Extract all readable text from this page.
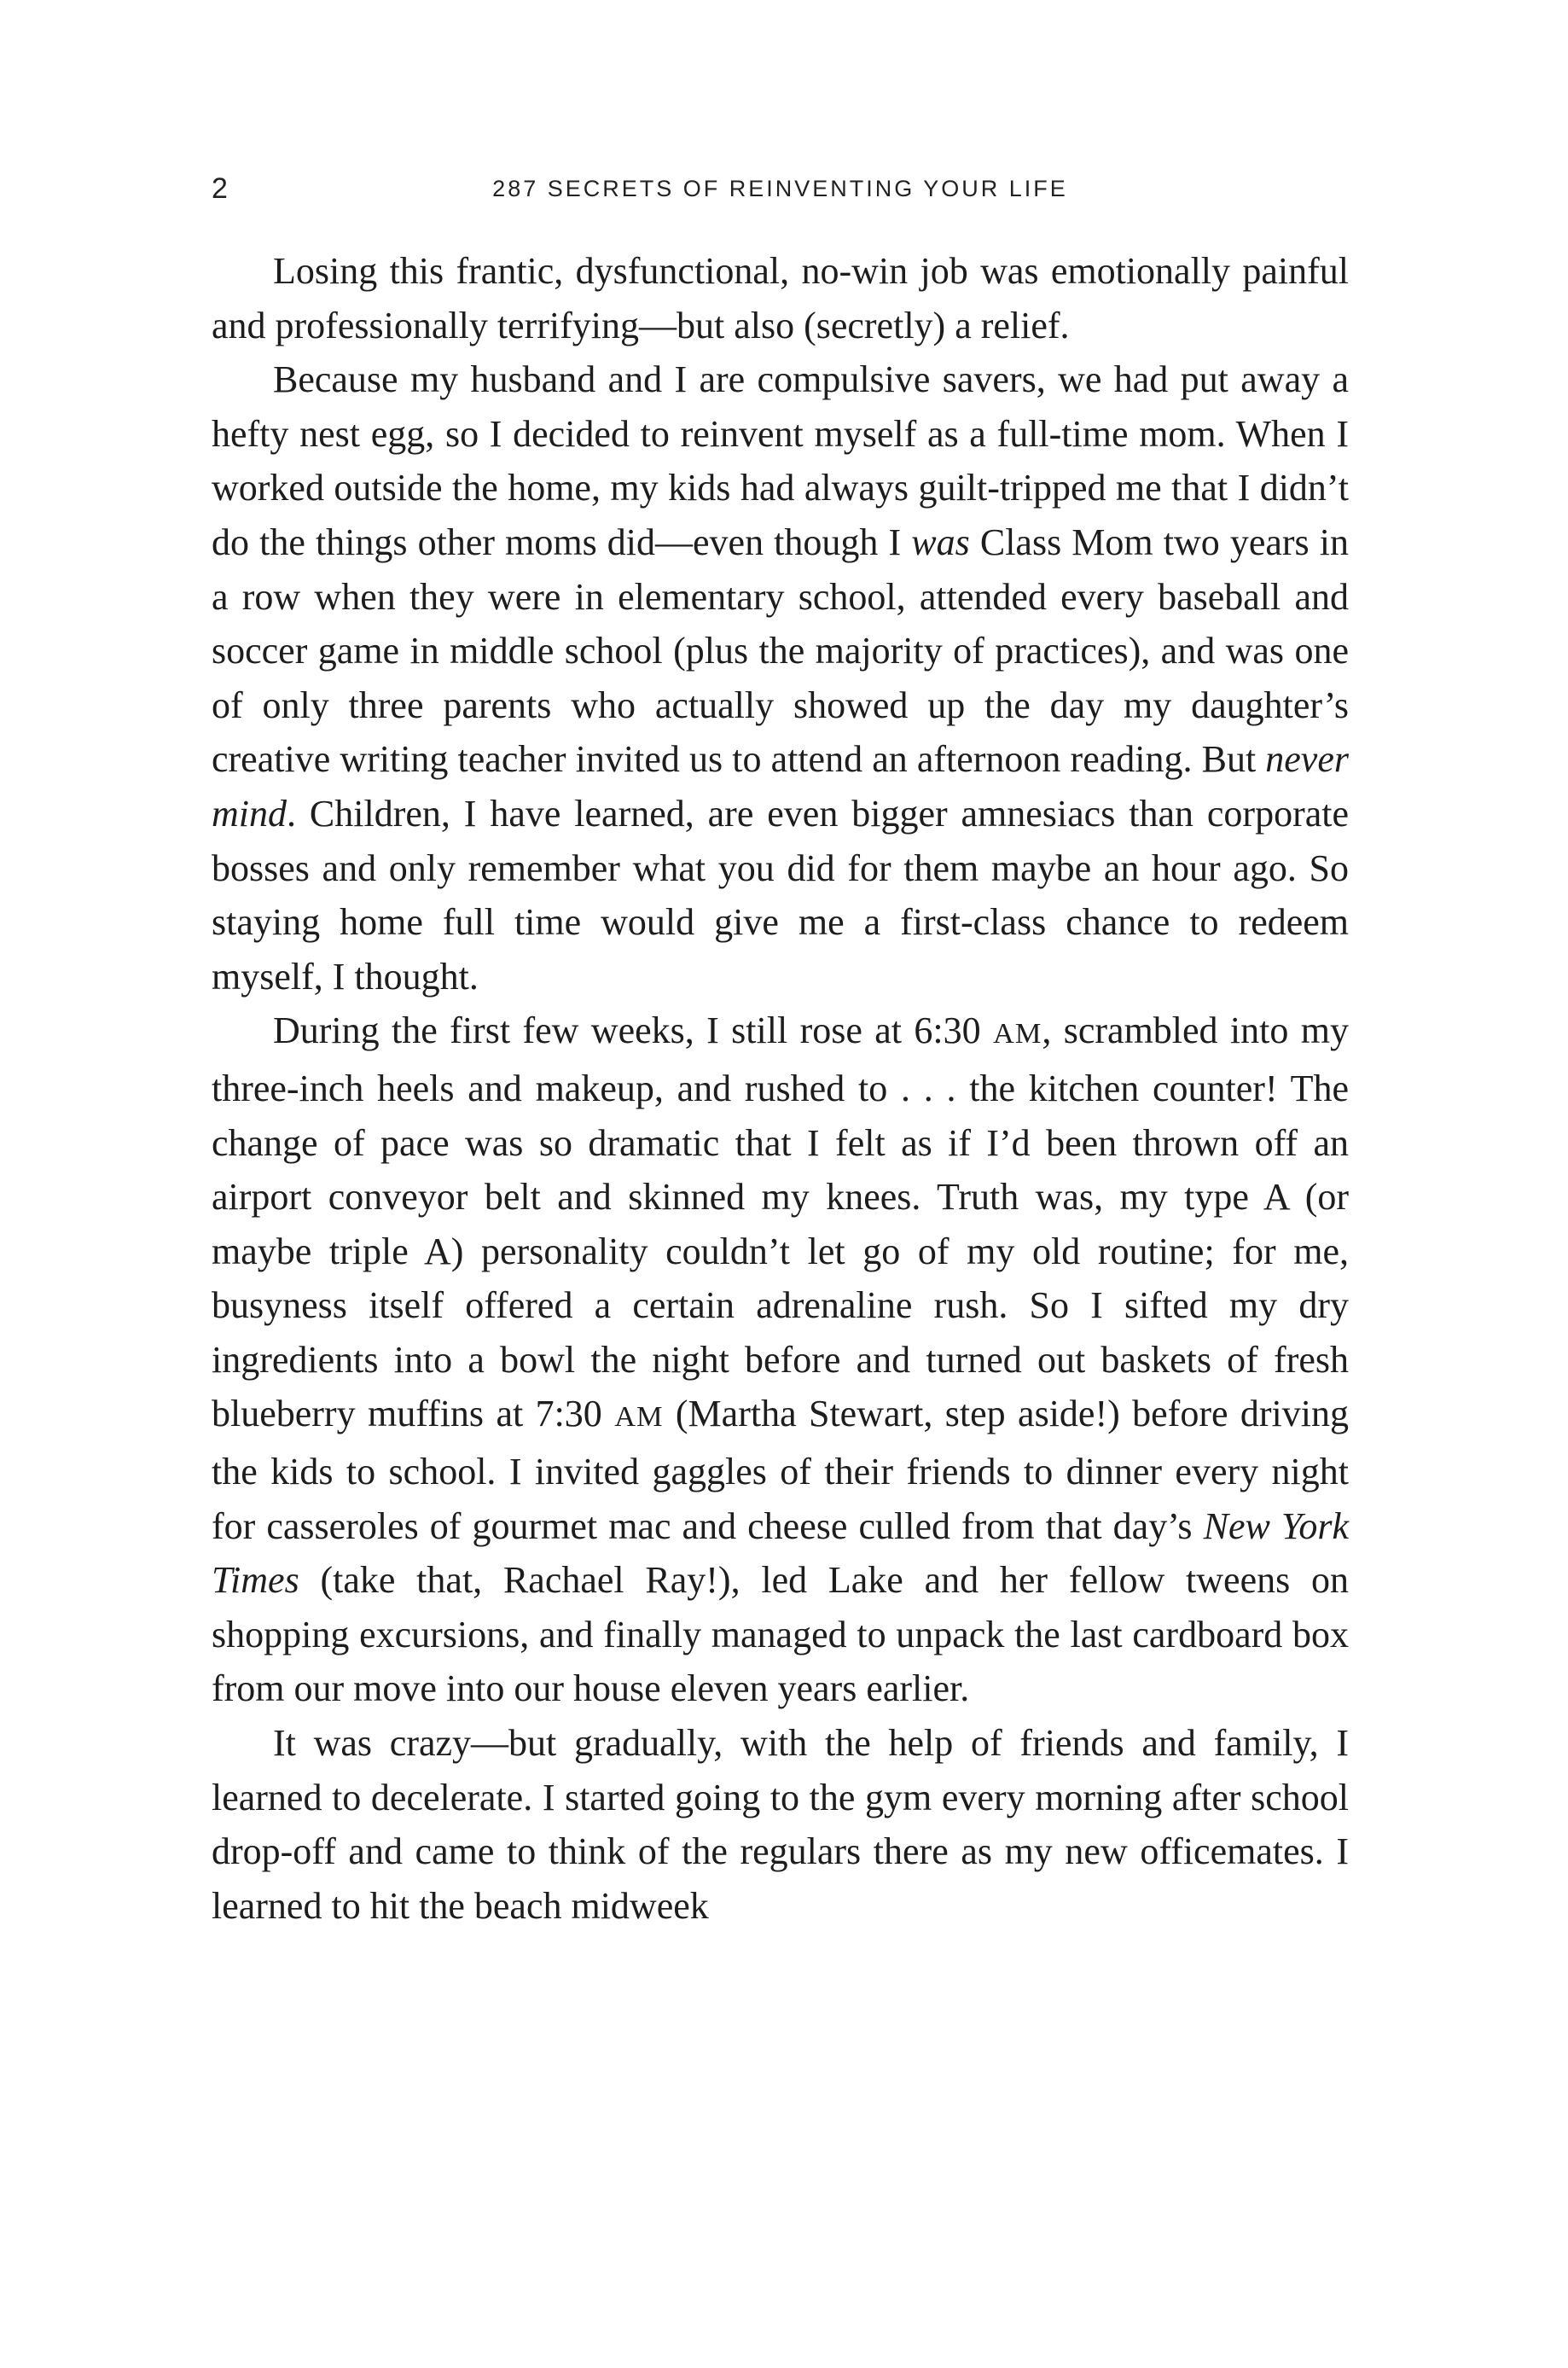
2	287 SECRETS OF REINVENTING YOUR LIFE

Losing this frantic, dysfunctional, no-win job was emotionally painful and professionally terrifying—but also (secretly) a relief.

Because my husband and I are compulsive savers, we had put away a hefty nest egg, so I decided to reinvent myself as a full-time mom. When I worked outside the home, my kids had always guilt-tripped me that I didn’t do the things other moms did—even though I was Class Mom two years in a row when they were in elementary school, attended every baseball and soccer game in middle school (plus the majority of practices), and was one of only three parents who actually showed up the day my daughter’s creative writing teacher invited us to attend an afternoon reading. But never mind. Children, I have learned, are even bigger amnesiacs than corporate bosses and only remember what you did for them maybe an hour ago. So staying home full time would give me a first-class chance to redeem myself, I thought.

During the first few weeks, I still rose at 6:30 AM, scrambled into my three-inch heels and makeup, and rushed to . . . the kitchen counter! The change of pace was so dramatic that I felt as if I’d been thrown off an airport conveyor belt and skinned my knees. Truth was, my type A (or maybe triple A) personality couldn’t let go of my old routine; for me, busyness itself offered a certain adrenaline rush. So I sifted my dry ingredients into a bowl the night before and turned out baskets of fresh blueberry muffins at 7:30 AM (Martha Stewart, step aside!) before driving the kids to school. I invited gaggles of their friends to dinner every night for casseroles of gourmet mac and cheese culled from that day’s New York Times (take that, Rachael Ray!), led Lake and her fellow tweens on shopping excursions, and finally managed to unpack the last cardboard box from our move into our house eleven years earlier.

It was crazy—but gradually, with the help of friends and family, I learned to decelerate. I started going to the gym every morning after school drop-off and came to think of the regulars there as my new officemates. I learned to hit the beach midweek
